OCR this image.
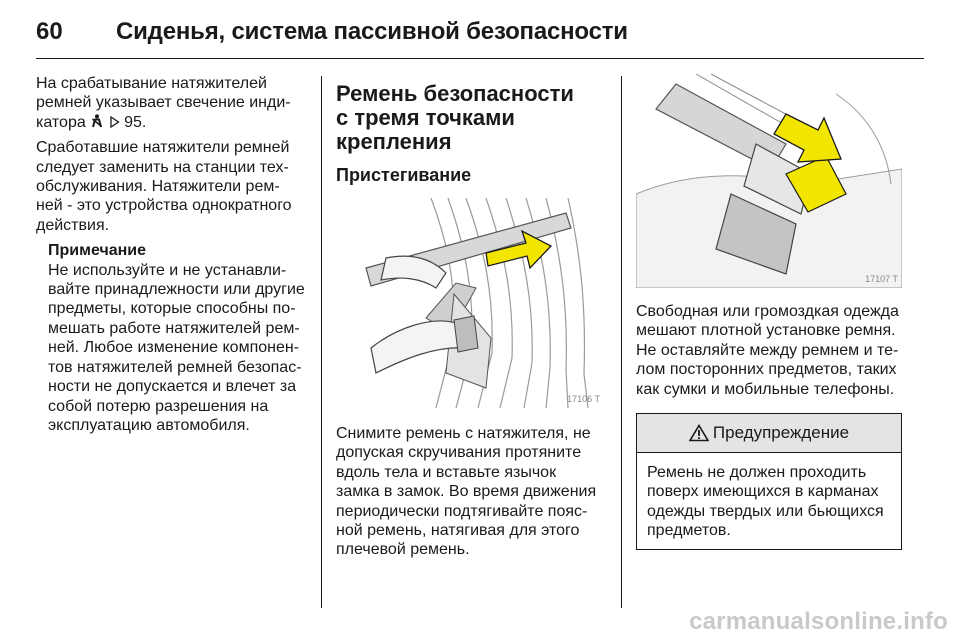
60	Сиденья, система пассивной безопасности

На срабатывание натяжителей
ремней указывает свечение инди-
катора 95.

Сработавшие натяжители ремней
следует заменить на станции тех-
обслуживания. Натяжители рем-
ней - это устройства однократного
действия.

Примечание

Не используйте и не устанавли-
вайте принадлежности или другие
предметы, которые способны по-
мешать работе натяжителей рем-
ней. Любое изменение компонен-
тов натяжителей ремней безопас-
ности не допускается и влечет за
собой потерю разрешения на
эксплуатацию автомобиля.

Ремень безопасности
с тремя точками крепления
Пристегивание
17106 T

Снимите ремень с натяжителя, не
допуская скручивания протяните
вдоль тела и вставьте язычок
замка в замок. Во время движения
периодически подтягивайте пояс-
ной ремень, натягивая для этого
плечевой ремень.

17107 T

Свободная или громоздкая одежда
мешают плотной установке ремня.
Не оставляйте между ремнем и те-
лом посторонних предметов, таких
как сумки и мобильные телефоны.

Предупреждение

Ремень не должен проходить
поверх имеющихся в карманах
одежды твердых или бьющихся
предметов.

carmanualsonline.info
